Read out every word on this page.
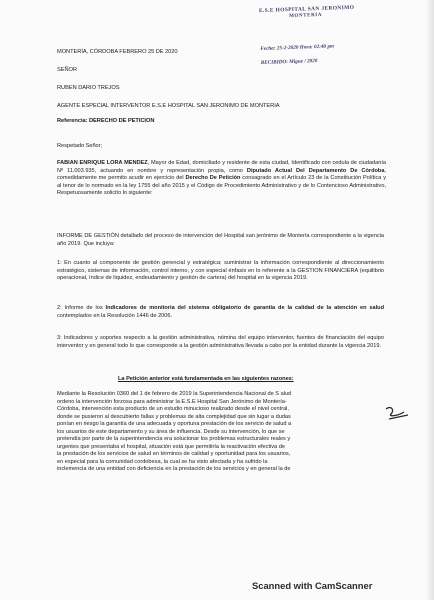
E.S.E HOSPITAL SAN JERONIMO
MONTERIA
Fecha: 25-2-2020 Hora: 02:40 pm
RECIBIDO: Migue / 2020
MONTERÍA, CÓRDOBA FEBRERO 25 DE 2020
SEÑOR
RUBEN DARIO TREJOS
AGENTE ESPECIAL INTERVENTOR E.S.E HOSPITAL SAN JERONIMO DE MONTERIA
Referencia: DERECHO DE PETICION
Respetado Señor;

FABIAN ENRIQUE LORA MENDEZ, Mayor de Edad, domiciliado y residente de esta ciudad, Identificado con cedula de ciudadanía Nº 11.003.935, actuando en nombre y representación propia, como Diputado Actual Del Departamento De Córdoba, comedidamente me permito acudir en ejercicio del Derecho De Petición consagrado en el Artículo 23 de la Constitución Política y al tenor de lo normado en la ley 1755 del año 2015 y el Código de Procedimiento Administrativo y de lo Contencioso Administrativo, Respetuosamente solicito lo siguiente:

INFORME DE GESTIÓN detallado del proceso de intervención del Hospital san jerónimo de Montería correspondiente a la vigencia año 2019. Que incluya:

1: En cuanto al componente de gestión gerencial y estratégica; suministrar la información correspondiente al direccionamiento estratégico, sistemas de información, control interno, y con especial énfasis en lo referente a la GESTION FINANCIERA (equilibrio operacional, índice de liquidez, endeudamiento y gestión de cartera) del hospital en la vigencia 2019.

2: Informe de los Indicadores de monitoria del sistema obligatorio de garantía de la calidad de la atención en salud contemplados en la Resolución 1446 de 2006.

3: Indicadores y soportes respecto a la gestión administrativa, nómina del equipo interventor, fuentes de financiación del equipo interventor y en general todo lo que corresponde a la gestión administrativa llevada a cabo por la entidad durante la vigencia 2019.

La Petición anterior está fundamentada en las siguientes razones:
Mediante la Resolución 0360 del 1 de febrero de 2019 la Superintendencia Nacional de S alud
ordeno la intervención forzosa para administrar la E.S.E Hospital San Jerónimo de Montería-
Córdoba, intervención esta producto de un estudio minucioso realizado desde el nivel central,
donde se pusieron al descubierto fallas y problemas de alta complejidad que sin lugar a dudas
ponían en riesgo la garantía de una adecuada y oportuna prestación de los servicio de salud a
los usuarios de este departamento y su área de influencia. Desde su intervención, lo que se
pretendía por parte de la superintendencia era solucionar los problemas estructurales reales y
urgentes que presentaba el hospital, situación está que permitiría la reactivación efectiva de
la prestación de los servicios de salud en términos de calidad y oportunidad para los usuarios,
en especial para la comunidad cordobesa, la cual se ha visto afectada y ha sufrido la
inclemencia de una entidad con deficiencia en la prestación de los servicios y en general la de
Scanned with CamScanner
